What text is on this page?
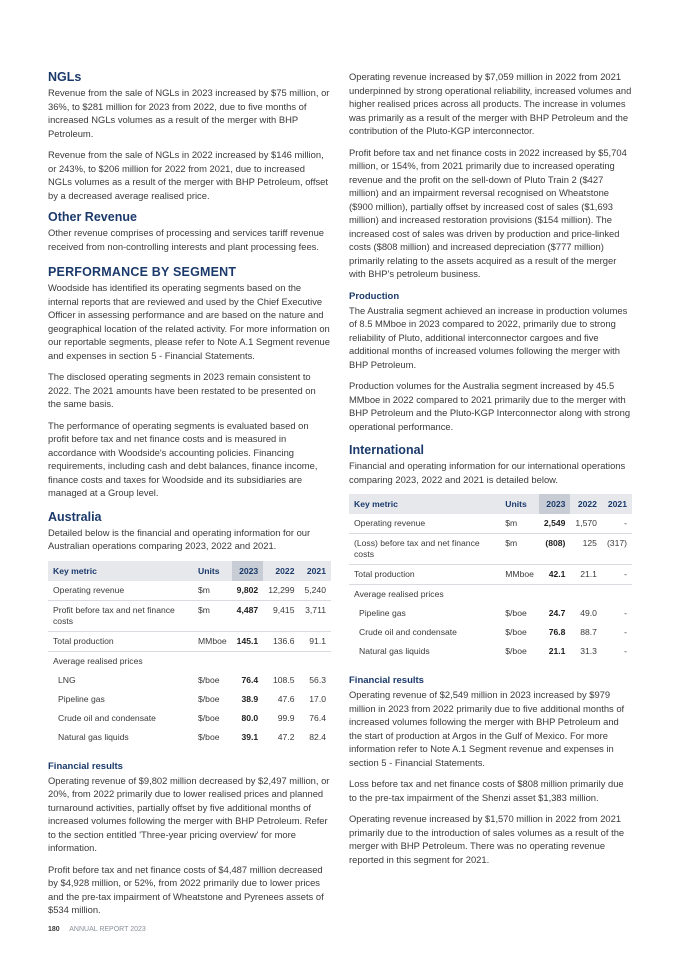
NGLs

Revenue from the sale of NGLs in 2023 increased by $75 million, or 36%, to $281 million for 2023 from 2022, due to five months of increased NGLs volumes as a result of the merger with BHP Petroleum.

Revenue from the sale of NGLs in 2022 increased by $146 million, or 243%, to $206 million for 2022 from 2021, due to increased NGLs volumes as a result of the merger with BHP Petroleum, offset by a decreased average realised price.

Other Revenue

Other revenue comprises of processing and services tariff revenue received from non-controlling interests and plant processing fees.

PERFORMANCE BY SEGMENT

Woodside has identified its operating segments based on the internal reports that are reviewed and used by the Chief Executive Officer in assessing performance and are based on the nature and geographical location of the related activity. For more information on our reportable segments, please refer to Note A.1 Segment revenue and expenses in section 5 - Financial Statements.

The disclosed operating segments in 2023 remain consistent to 2022. The 2021 amounts have been restated to be presented on the same basis.

The performance of operating segments is evaluated based on profit before tax and net finance costs and is measured in accordance with Woodside's accounting policies. Financing requirements, including cash and debt balances, finance income, finance costs and taxes for Woodside and its subsidiaries are managed at a Group level.

Australia

Detailed below is the financial and operating information for our Australian operations comparing 2023, 2022 and 2021.

Key metric	Units	2023	2022	2021
Operating revenue	$m	9,802	12,299	5,240
Profit before tax and net finance costs	$m	4,487	9,415	3,711
Total production	MMboe	145.1	136.6	91.1
Average realised prices				
LNG	$/boe	76.4	108.5	56.3
Pipeline gas	$/boe	38.9	47.6	17.0
Crude oil and condensate	$/boe	80.0	99.9	76.4
Natural gas liquids	$/boe	39.1	47.2	82.4
Financial results

Operating revenue of $9,802 million decreased by $2,497 million, or 20%, from 2022 primarily due to lower realised prices and planned turnaround activities, partially offset by five additional months of increased volumes following the merger with BHP Petroleum. Refer to the section entitled 'Three-year pricing overview' for more information.

Profit before tax and net finance costs of $4,487 million decreased by $4,928 million, or 52%, from 2022 primarily due to lower prices and the pre-tax impairment of Wheatstone and Pyrenees assets of $534 million.

Operating revenue increased by $7,059 million in 2022 from 2021 underpinned by strong operational reliability, increased volumes and higher realised prices across all products. The increase in volumes was primarily as a result of the merger with BHP Petroleum and the contribution of the Pluto-KGP interconnector.

Profit before tax and net finance costs in 2022 increased by $5,704 million, or 154%, from 2021 primarily due to increased operating revenue and the profit on the sell-down of Pluto Train 2 ($427 million) and an impairment reversal recognised on Wheatstone ($900 million), partially offset by increased cost of sales ($1,693 million) and increased restoration provisions ($154 million). The increased cost of sales was driven by production and price-linked costs ($808 million) and increased depreciation ($777 million) primarily relating to the assets acquired as a result of the merger with BHP's petroleum business.

Production

The Australia segment achieved an increase in production volumes of 8.5 MMboe in 2023 compared to 2022, primarily due to strong reliability of Pluto, additional interconnector cargoes and five additional months of increased volumes following the merger with BHP Petroleum.

Production volumes for the Australia segment increased by 45.5 MMboe in 2022 compared to 2021 primarily due to the merger with BHP Petroleum and the Pluto-KGP Interconnector along with strong operational performance.

International

Financial and operating information for our international operations comparing 2023, 2022 and 2021 is detailed below.

Key metric	Units	2023	2022	2021
Operating revenue	$m	2,549	1,570	-
(Loss) before tax and net finance costs	$m	(808)	125	(317)
Total production	MMboe	42.1	21.1	-
Average realised prices				
Pipeline gas	$/boe	24.7	49.0	-
Crude oil and condensate	$/boe	76.8	88.7	-
Natural gas liquids	$/boe	21.1	31.3	-
Financial results

Operating revenue of $2,549 million in 2023 increased by $979 million in 2023 from 2022 primarily due to five additional months of increased volumes following the merger with BHP Petroleum and the start of production at Argos in the Gulf of Mexico. For more information refer to Note A.1 Segment revenue and expenses in section 5 - Financial Statements.

Loss before tax and net finance costs of $808 million primarily due to the pre-tax impairment of the Shenzi asset $1,383 million.

Operating revenue increased by $1,570 million in 2022 from 2021 primarily due to the introduction of sales volumes as a result of the merger with BHP Petroleum. There was no operating revenue reported in this segment for 2021.

180 ANNUAL REPORT 2023
